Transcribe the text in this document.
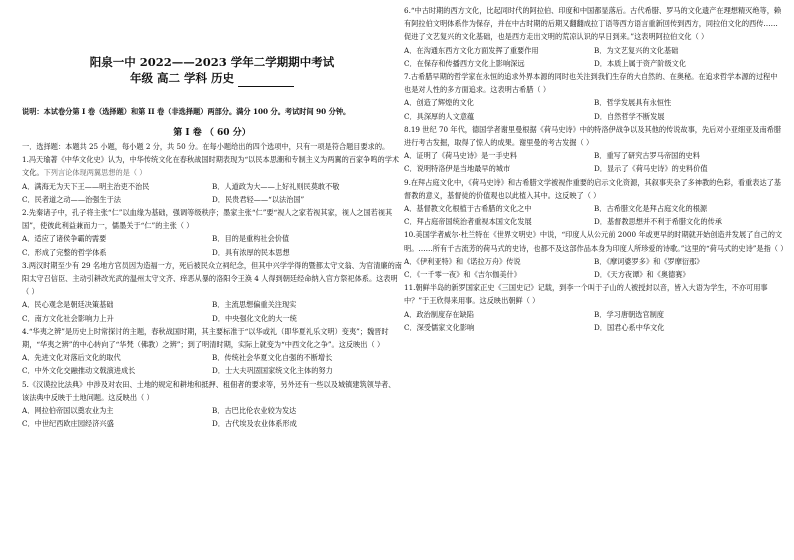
阳泉一中 2022——2023 学年二学期期中考试
年级 高二 学科 历史

说明：本试卷分第 I 卷（选择题）和第 II 卷（非选择题）两部分。满分 100 分。考试时间 90 分钟。

第 I 卷 （ 60 分）

一．选择题：本题共 25 小题，每小题 2 分，共 50 分。在每小题给出的四个选项中，只有一项是符合题目要求的。

1.冯天瑜著《中华文化史》认为，中华传统文化在春秋战国时期表现为“以民本思潮和专制主义为两翼的百家争鸣的学术文化。下列言论体现两翼思想的是（ ）

A．满海无为天下王——明主治吏不治民	B．人道政为大——上好礼则民莫敢不敬
C．民者道之动——治强生于法	D．民贵君轻——“以法治国”

2.先秦诸子中，孔子将主张“仁”以血缘为基础，强调等级秩序；墨家主张“仁”要“视人之家若视其家，视人之国若视其国”，使彼此利益兼而力一，儒墨关于“仁”的主张（ ）

A．适应了诸侯争霸的需要	B．目的是重构社会价值
C．形成了完整的哲学体系	D．具有浓厚的民本思想

3.两汉时期至少有 29 名地方官员因为造福一方，死后被民众立祠纪念，但其中兴学学得的暨都太守文翁、为官清廉的南阳太守召信臣、主动引耕改光武的温州太守文齐、痒恶从暴的洛阳令王涣 4 人得到朝廷经命纳入官方祭祀体系。这表明（ ）

A．民心观念是朝廷决策基础	B．主流思想偏重关注现实
C．南方文化社会影响力上升	D．中央强化文化的大一统

4.“华夷之辨”是历史上时常探讨的主题，春秋战国时期，其主要标准于“以华或礼（即华夏礼乐文明）变夷”；魏晋时期，“华夷之辨”的中心转向了“华梵（佛教）之辨”；到了明清时期，实际上就变为“中西文化之争”。这反映出（ ）

A．先进文化对落后文化的取代	B．传统社会华夏文化自强的不断增长
C．中外文化交融推动文戟演进成长	D．士大夫巩固国家统文化主体的努力

5.《汉谟拉比法典》中涉及对农田、土地的规定和耕地和抵押、租佃者的要求等，另外还有一些以及城镇建筑领导者、该法典中反映于土地问题。这反映出（ ）

A．网拉伯帝国以奠农业为主	B．古巴比伦农业较为发达
C．中世纪西欧庄园经济兴盛	D．古代埃及农业体系形成

6.“中古时期的西方文化，比起同时代的阿拉伯、印度和中国都显落后。古代希腊、罗马的文化遗产在理想精灭绝等，赖有阿拉伯文明体系作为保存，并在中古时期的后期又翻翻成拉丁语等西方语言重新回传到西方，同拉伯文化的西传……促进了文艺复兴的文化基础，也是西方走出文明的荒凉认识的早日到来。”这表明阿拉伯文化（ ）

A．在沟通东西方文化方面发挥了重要作用	B．为文艺复兴的文化基础
C．在保存和传播西方文化上影响深远	D．本质上属于资产阶级文化

7.古希腊早期的哲学家在永恒的追求外界本源的同时也关注到我们生存的大自然的、在奥秘。在追求哲学本源的过程中也是对人性的多方面追求。这表明古希腊（ ）

A．创造了辉煌的文化	B．哲学发展具有永恒性
C．具深厚的人文意蕴	D．自然哲学不断发展

8.19 世纪 70 年代，德国学者谢里曼根据《荷马史诗》中的特洛伊战争以及其他的传说故事，先后对小亚细亚及南希腊进行考古发掘，取得了惊人的成果。谢里曼的考古发掘（ ）

A．证明了《荷马史诗》是一手史料	B．重写了研究古罗马帝国的史料
C．说明特洛伊是当地最早的城市	D．显示了《荷马史诗》的史料价值

9.在拜占庭文化中，《荷马史诗》和古希腊文学被视作重要的启示文化资源，其叙事夹杂了多神教的色彩，看重表达了基督教的意义，基督徒的价值观也以此植入其中。这反映了（ ）

A．基督教文化根植于古希腊的文化之中	B．古希腊文化是拜占庭文化的根源
C．拜占庭帝国统治者重视本国文化发展	D．基督教思想并不利于希腊文化的传承

10.美国学者威尔·杜兰特在《世界文明史》中说，“印度人从公元前 2000 年或更早的时期就开始创造并发展了自己的文明。……所有千古流芳的荷马式的史诗，也都不及这部作品本身为印度人所珍爱的诗歌。”这里的“荷马式的史诗”是指（ ）

A．《伊利亚特》和《诺拉万舟》传说	B．《摩诃婆罗多》和《罗摩衍那》
C．《一千零一夜》和《吉尔伽美什》	D．《天方夜谭》和《奥德赛》

11.朝鲜半岛的新罗国家正史《三国史记》记载，到李一个叫于子山的人被授封以音，皆入大语为学生，不亦可用事中？”于王欣得来用事。这反映出朝鲜（ ）

A．政治制度存在缺陷	B．学习唐朝选官制度
C．深受儒家文化影响	D．国君心系中华文化
